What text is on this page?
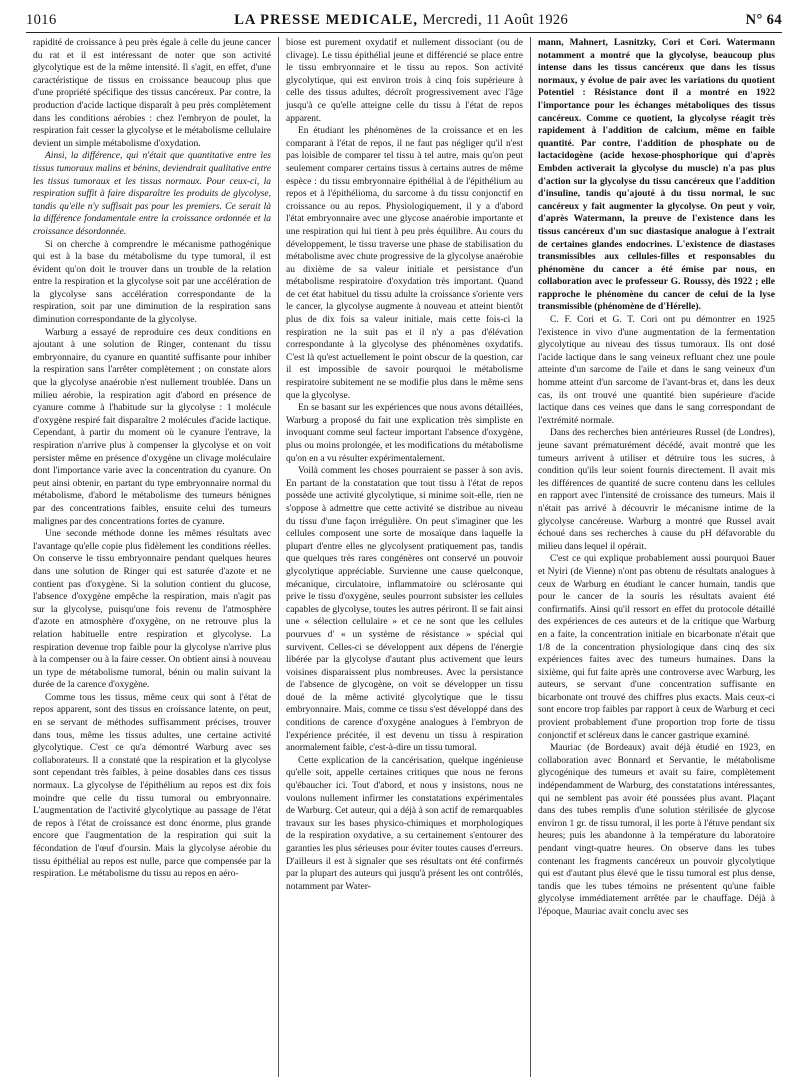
1016	LA PRESSE MEDICALE, Mercredi, 11 Août 1926	N° 64

rapidité de croissance à peu près égale à celle du jeune cancer du rat et il est intéressant de noter que son activité glycolytique est de la même intensité. Il s'agit, en effet, d'une caractéristique de tissus en croissance beaucoup plus que d'une propriété spécifique des tissus cancéreux. Par contre, la production d'acide lactique disparaît à peu près complètement dans les conditions aérobies : chez l'embryon de poulet, la respiration fait cesser la glycolyse et le métabolisme cellulaire devient un simple métabolisme d'oxydation.

Ainsi, la différence, qui n'était que quantitative entre les tissus tumoraux malins et bénins, deviendrait qualitative entre les tissus tumoraux et les tissus normaux. Pour ceux-ci, la respiration suffit à faire disparaître les produits de glycolyse, tandis qu'elle n'y suffisait pas pour les premiers. Ce serait là la différence fondamentale entre la croissance ordonnée et la croissance désordonnée.

Si on cherche à comprendre le mécanisme pathogénique qui est à la base du métabolisme du type tumoral, il est évident qu'on doit le trouver dans un trouble de la relation entre la respiration et la glycolyse soit par une accélération de la glycolyse sans accélération correspondante de la respiration, soit par une diminution de la respiration sans diminution correspondante de la glycolyse.

Warburg a essayé de reproduire ces deux conditions en ajoutant à une solution de Ringer, contenant du tissu embryonnaire, du cyanure en quantité suffisante pour inhiber la respiration sans l'arrêter complètement ; on constate alors que la glycolyse anaérobie n'est nullement troublée. Dans un milieu aérobie, la respiration agit d'abord en présence de cyanure comme à l'habitude sur la glycolyse : 1 molécule d'oxygène respiré fait disparaître 2 molécules d'acide lactique. Cependant, à partir du moment où le cyanure l'entrave, la respiration n'arrive plus à compenser la glycolyse et on voit persister même en présence d'oxygène un clivage moléculaire dont l'importance varie avec la concentration du cyanure. On peut ainsi obtenir, en partant du type embryonnaire normal du métabolisme, d'abord le métabolisme des tumeurs bénignes par des concentrations faibles, ensuite celui des tumeurs malignes par des concentrations fortes de cyanure.

Une seconde méthode donne les mêmes résultats avec l'avantage qu'elle copie plus fidèlement les conditions réelles. On conserve le tissu embryonnaire pendant quelques heures dans une solution de Ringer qui est saturée d'azote et ne contient pas d'oxygène. Si la solution contient du glucose, l'absence d'oxygène empêche la respiration, mais n'agit pas sur la glycolyse, puisqu'une fois revenu de l'atmosphère d'azote en atmosphère d'oxygène, on ne retrouve plus la relation habituelle entre respiration et glycolyse. La respiration devenue trop faible pour la glycolyse n'arrive plus à la compenser ou à la faire cesser. On obtient ainsi à nouveau un type de métabolisme tumoral, bénin ou malin suivant la durée de la carence d'oxygène.

Comme tous les tissus, même ceux qui sont à l'état de repos apparent, sont des tissus en croissance latente, on peut, en se servant de méthodes suffisamment précises, trouver dans tous, même les tissus adultes, une certaine activité glycolytique. C'est ce qu'a démontré Warburg avec ses collaborateurs. Il a constaté que la respiration et la glycolyse sont cependant très faibles, à peine dosables dans ces tissus normaux. La glycolyse de l'épithélium au repos est dix fois moindre que celle du tissu tumoral ou embryonnaire. L'augmentation de l'activité glycolytique au passage de l'état de repos à l'état de croissance est donc énorme, plus grande encore que l'augmentation de la respiration qui suit la fécondation de l'œuf d'oursin. Mais la glycolyse aérobie du tissu épithélial au repos est nulle, parce que compensée par la respiration. Le métabolisme du tissu au repos en aéro-

biose est purement oxydatif et nullement dissociant (ou de clivage). Le tissu épithélial jeune et différencié se place entre le tissu embryonnaire et le tissu au repos. Son activité glycolytique, qui est environ trois à cinq fois supérieure à celle des tissus adultes, décroît progressivement avec l'âge jusqu'à ce qu'elle atteigne celle du tissu à l'état de repos apparent.

En étudiant les phénomènes de la croissance et en les comparant à l'état de repos, il ne faut pas négliger qu'il n'est pas loisible de comparer tel tissu à tel autre, mais qu'on peut seulement comparer certains tissus à certains autres de même espèce : du tissu embryonnaire épithélial à de l'épithélium au repos et à l'épithélioma, du sarcome à du tissu conjonctif en croissance ou au repos. Physiologiquement, il y a d'abord l'état embryonnaire avec une glycose anaérobie importante et une respiration qui lui tient à peu près équilibre. Au cours du développement, le tissu traverse une phase de stabilisation du métabolisme avec chute progressive de la glycolyse anaérobie au dixième de sa valeur initiale et persistance d'un métabolisme respiratoire d'oxydation très important. Quand de cet état habituel du tissu adulte la croissance s'oriente vers le cancer, la glycolyse augmente à nouveau et atteint bientôt plus de dix fois sa valeur initiale, mais cette fois-ci la respiration ne la suit pas et il n'y a pas d'élévation correspondante à la glycolyse des phénomènes oxydatifs. C'est là qu'est actuellement le point obscur de la question, car il est impossible de savoir pourquoi le métabolisme respiratoire subitement ne se modifie plus dans le même sens que la glycolyse.

En se basant sur les expériences que nous avons détaillées, Warburg a proposé du fait une explication très simpliste en invoquant comme seul facteur important l'absence d'oxygène, plus ou moins prolongée, et les modifications du métabolisme qu'on en a vu résulter expérimentalement.

Voilà comment les choses pourraient se passer à son avis. En partant de la constatation que tout tissu à l'état de repos possède une activité glycolytique, si minime soit-elle, rien ne s'oppose à admettre que cette activité se distribue au niveau du tissu d'une façon irrégulière. On peut s'imaginer que les cellules composent une sorte de mosaïque dans laquelle la plupart d'entre elles ne glycolysent pratiquement pas, tandis que quelques très rares congénères ont conservé un pouvoir glycolytique appréciable. Survienne une cause quelconque, mécanique, circulatoire, inflammatoire ou sclérosante qui prive le tissu d'oxygène, seules pourront subsister les cellules capables de glycolyse, toutes les autres périront. Il se fait ainsi une « sélection cellulaire » et ce ne sont que les cellules pourvues d' « un système de résistance » spécial qui survivent. Celles-ci se développent aux dépens de l'énergie libérée par la glycolyse d'autant plus activement que leurs voisines disparaissent plus nombreuses. Avec la persistance de l'absence de glycogène, on voit se développer un tissu doué de la même activité glycolytique que le tissu embryonnaire. Mais, comme ce tissu s'est développé dans des conditions de carence d'oxygène analogues à l'embryon de l'expérience précitée, il est devenu un tissu à respiration anormalement faible, c'est-à-dire un tissu tumoral.

Cette explication de la cancérisation, quelque ingénieuse qu'elle soit, appelle certaines critiques que nous ne ferons qu'ébaucher ici. Tout d'abord, et nous y insistons, nous ne voulons nullement infirmer les constatations expérimentales de Warburg. Cet auteur, qui a déjà à son actif de remarquables travaux sur les bases physico-chimiques et morphologiques de la respiration oxydative, a su certainement s'entourer des garanties les plus sérieuses pour éviter toutes causes d'erreurs. D'ailleurs il est à signaler que ses résultats ont été confirmés par la plupart des auteurs qui jusqu'à présent les ont contrôlés, notamment par Water-

mann, Mahnert, Lasnitzky, Cori et Cori. Watermann notamment a montré que la glycolyse, beaucoup plus intense dans les tissus cancéreux que dans les tissus normaux, y évolue de pair avec les variations du quotient Potentiel : Résistance dont il a montré en 1922 l'importance pour les échanges métaboliques des tissus cancéreux. Comme ce quotient, la glycolyse réagit très rapidement à l'addition de calcium, même en faible quantité. Par contre, l'addition de phosphate ou de lactacidogène (acide hexose-phosphorique qui d'après Embden activerait la glycolyse du muscle) n'a pas plus d'action sur la glycolyse du tissu cancéreux que l'addition d'insuline, tandis qu'ajouté à du tissu normal, le suc cancéreux y fait augmenter la glycolyse. On peut y voir, d'après Watermann, la preuve de l'existence dans les tissus cancéreux d'un suc diastasique analogue à l'extrait de certaines glandes endocrines. L'existence de diastases transmissibles aux cellules-filles et responsables du phénomène du cancer a été émise par nous, en collaboration avec le professeur G. Roussy, dès 1922 ; elle rapproche le phénomène du cancer de celui de la lyse transmissible (phénomène de d'Hérelle).

C. F. Cori et G. T. Cori ont pu démontrer en 1925 l'existence in vivo d'une augmentation de la fermentation glycolytique au niveau des tissus tumoraux. Ils ont dosé l'acide lactique dans le sang veineux refluant chez une poule atteinte d'un sarcome de l'aile et dans le sang veineux d'un homme atteint d'un sarcome de l'avant-bras et, dans les deux cas, ils ont trouvé une quantité bien supérieure d'acide lactique dans ces veines que dans le sang correspondant de l'extrémité normale.

Dans des recherches bien antérieures Russel (de Londres), jeune savant prématurément décédé, avait montré que les tumeurs arrivent à utiliser et détruire tous les sucres, à condition qu'ils leur soient fournis directement. Il avait mis les différences de quantité de sucre contenu dans les cellules en rapport avec l'intensité de croissance des tumeurs. Mais il n'était pas arrivé à découvrir le mécanisme intime de la glycolyse cancéreuse. Warburg a montré que Russel avait échoué dans ses recherches à cause du pH défavorable du milieu dans lequel il opérait.

C'est ce qui explique probablement aussi pourquoi Bauer et Nyiri (de Vienne) n'ont pas obtenu de résultats analogues à ceux de Warburg en étudiant le cancer humain, tandis que pour le cancer de la souris les résultats avaient été confirmatifs. Ainsi qu'il ressort en effet du protocole détaillé des expériences de ces auteurs et de la critique que Warburg en a faite, la concentration initiale en bicarbonate n'était que 1/8 de la concentration physiologique dans cinq des six expériences faites avec des tumeurs humaines. Dans la sixième, qui fut faite après une controverse avec Warburg, les auteurs, se servant d'une concentration suffisante en bicarbonate ont trouvé des chiffres plus exacts. Mais ceux-ci sont encore trop faibles par rapport à ceux de Warburg et ceci provient probablement d'une proportion trop forte de tissu conjonctif et scléreux dans le cancer gastrique examiné.

Mauriac (de Bordeaux) avait déjà étudié en 1923, en collaboration avec Bonnard et Servantie, le métabolisme glycogénique des tumeurs et avait su faire, complètement indépendamment de Warburg, des constatations intéressantes, qui ne semblent pas avoir été poussées plus avant. Plaçant dans des tubes remplis d'une solution stérilisée de glycose environ 1 gr. de tissu tumoral, il les porte à l'étuve pendant six heures; puis les abandonne à la température du laboratoire pendant vingt-quatre heures. On observe dans les tubes contenant les fragments cancéreux un pouvoir glycolytique qui est d'autant plus élevé que le tissu tumoral est plus dense, tandis que les tubes témoins ne présentent qu'une faible glycolyse immédiatement arrêtée par le chauffage. Déjà à l'époque, Mauriac avait conclu avec ses
